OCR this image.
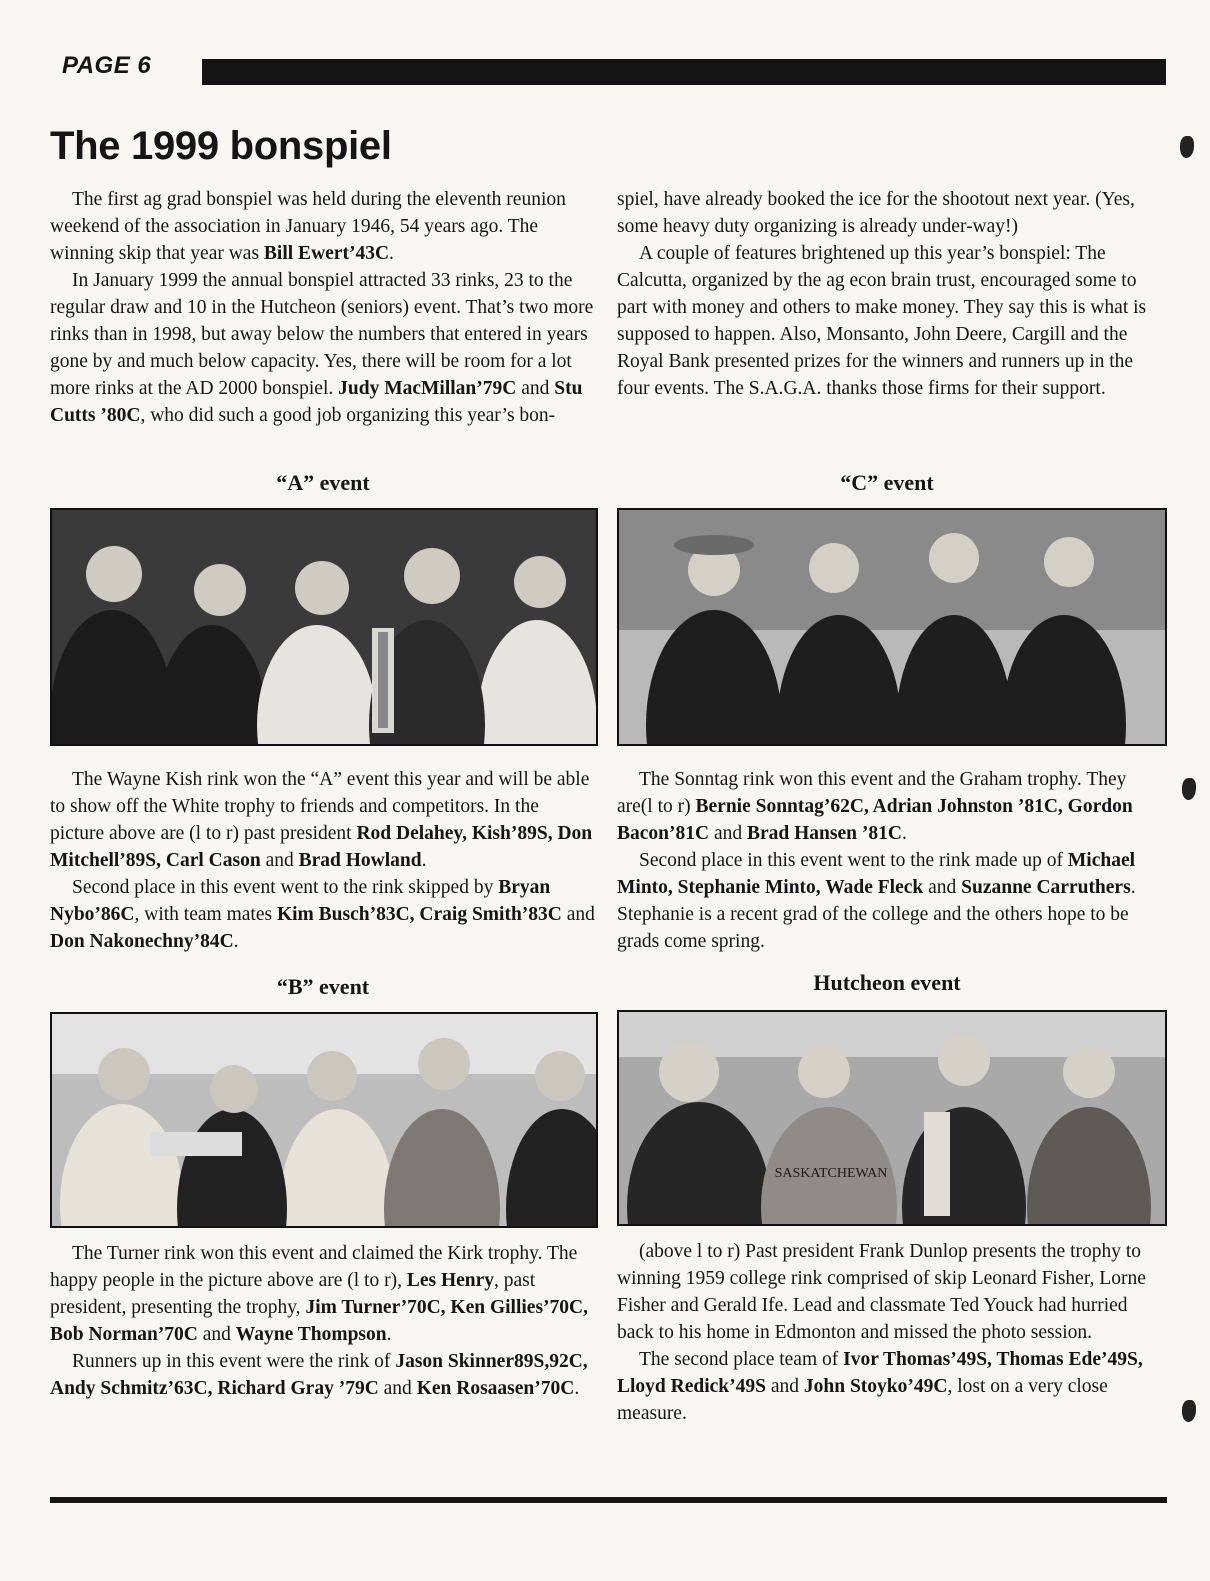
PAGE 6
The 1999 bonspiel

The first ag grad bonspiel was held during the eleventh reunion weekend of the association in January 1946, 54 years ago. The winning skip that year was Bill Ewert’43C.

In January 1999 the annual bonspiel attracted 33 rinks, 23 to the regular draw and 10 in the Hutcheon (seniors) event. That’s two more rinks than in 1998, but away below the numbers that entered in years gone by and much below capacity. Yes, there will be room for a lot more rinks at the AD 2000 bonspiel. Judy MacMillan’79C and Stu Cutts ’80C, who did such a good job organizing this year’s bon-

spiel, have already booked the ice for the shootout next year. (Yes, some heavy duty organizing is already under-way!)

A couple of features brightened up this year’s bonspiel: The Calcutta, organized by the ag econ brain trust, encouraged some to part with money and others to make money. They say this is what is supposed to happen. Also, Monsanto, John Deere, Cargill and the Royal Bank presented prizes for the winners and runners up in the four events. The S.A.G.A. thanks those firms for their support.

“A” event

The Wayne Kish rink won the “A” event this year and will be able to show off the White trophy to friends and competitors. In the picture above are (l to r) past president Rod Delahey, Kish’89S, Don Mitchell’89S, Carl Cason and Brad Howland.

Second place in this event went to the rink skipped by Bryan Nybo’86C, with team mates Kim Busch’83C, Craig Smith’83C and Don Nakonechny’84C.

“C” event

The Sonntag rink won this event and the Graham trophy. They are(l to r) Bernie Sonntag’62C, Adrian Johnston ’81C, Gordon Bacon’81C and Brad Hansen ’81C.

Second place in this event went to the rink made up of Michael Minto, Stephanie Minto, Wade Fleck and Suzanne Carruthers. Stephanie is a recent grad of the college and the others hope to be grads come spring.

“B” event

The Turner rink won this event and claimed the Kirk trophy. The happy people in the picture above are (l to r), Les Henry, past president, presenting the trophy, Jim Turner’70C, Ken Gillies’70C, Bob Norman’70C and Wayne Thompson.

Runners up in this event were the rink of Jason Skinner89S,92C, Andy Schmitz’63C, Richard Gray ’79C and Ken Rosaasen’70C.

Hutcheon event
SASKATCHEWAN

(above l to r) Past president Frank Dunlop presents the trophy to winning 1959 college rink comprised of skip Leonard Fisher, Lorne Fisher and Gerald Ife. Lead and classmate Ted Youck had hurried back to his home in Edmonton and missed the photo session.

The second place team of Ivor Thomas’49S, Thomas Ede’49S, Lloyd Redick’49S and John Stoyko’49C, lost on a very close measure.
